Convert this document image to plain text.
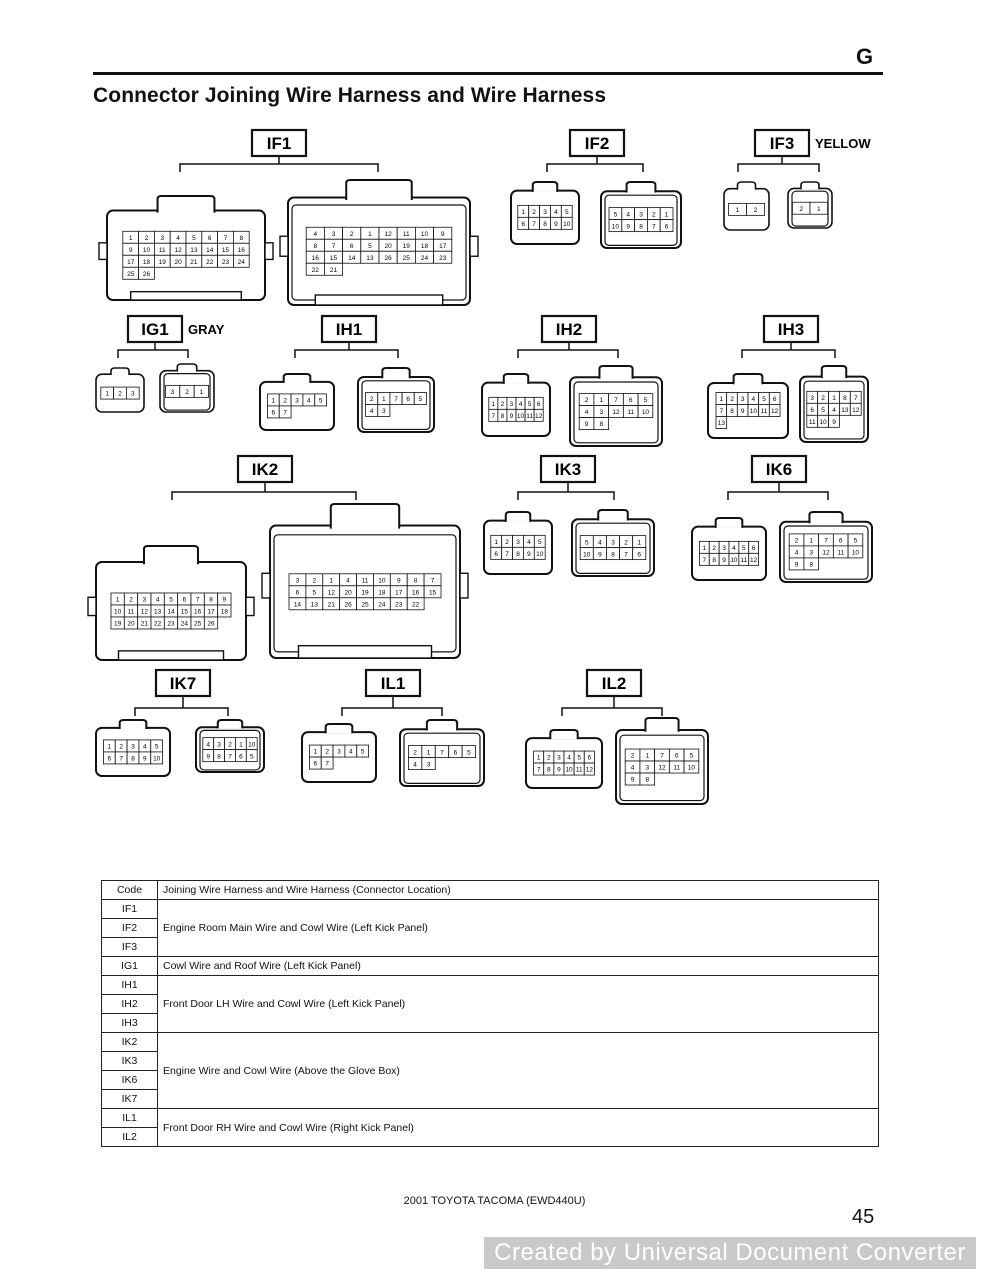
G
Connector Joining Wire Harness and Wire Harness
IF1
1 2 3 4 5 6 7 8
9 10 11 12 13 14 15 16
17 18 19 20 21 22 23 24
25 26
4 3 2 1 12 11 10 9
8 7 6 5 20 19 18 17
16 15 14 13 26 25 24 23
22 21
IF2
1 2 3 4 5
6 7 8 9 10
5 4 3 2 1
10 9 8 7 6
IF3 YELLOW
1 2	2 1
IG1 GRAY
1 2 3	3 2 1
IH1
1 2 3 4 5
6 7
2 1 7 6 5
4 3
IH2
1 2 3 4 5 6
7 8 9 10 11 12
2 1 7 6 5
4 3 12 11 10
9 8
IH3
1 2 3 4 5 6
7 8 9 10 11 12
13
3 2 1 8 7
6 5 4 13 12
11 10 9
IK2
1 2 3 4 5 6 7 8 9
10 11 12 13 14 15 16 17 18
19 20 21 22 23 24 25 26
3 2 1 4 11 10 9 8 7
6 5 12 20 19 18 17 16 15
14 13 21 26 25 24 23 22
IK3
1 2 3 4 5
6 7 8 9 10
5 4 3 2 1
10 9 8 7 6
IK6
1 2 3 4 5 6
7 8 9 10 11 12
2 1 7 6 5
4 3 12 11 10
9 8
IK7
1 2 3 4 5
6 7 8 9 10
4 3 2 1 10
9 8 7 6 5
IL1
1 2 3 4 5
6 7
2 1 7 6 5
4 3
IL2
1 2 3 4 5 6
7 8 9 10 11 12
2 1 7 6 5
4 3 12 11 10
9 8
Code	Joining Wire Harness and Wire Harness (Connector Location)
IF1	Engine Room Main Wire and Cowl Wire (Left Kick Panel)
IF2	
IF3	
IG1	Cowl Wire and Roof Wire (Left Kick Panel)
IH1	Front Door LH Wire and Cowl Wire (Left Kick Panel)
IH2	
IH3	
IK2	Engine Wire and Cowl Wire (Above the Glove Box)
IK3	
IK6	
IK7	
IL1	Front Door RH Wire and Cowl Wire (Right Kick Panel)
IL2	
2001 TOYOTA TACOMA (EWD440U)
45
Created by Universal Document Converter
